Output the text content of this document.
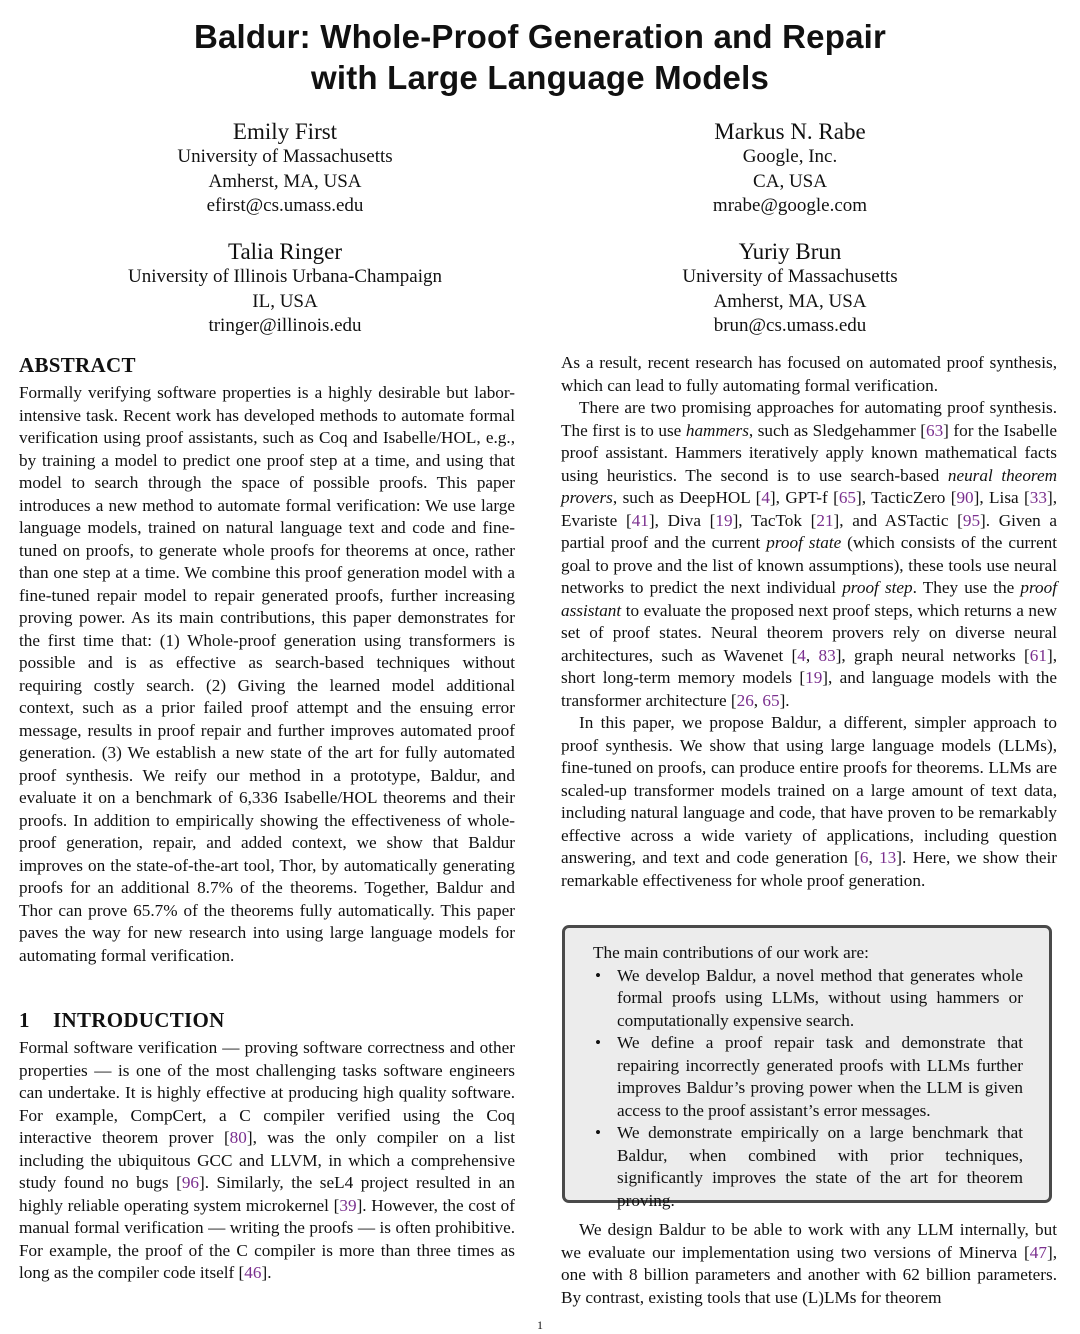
Baldur: Whole-Proof Generation and Repair
with Large Language Models
Emily First
University of Massachusetts
Amherst, MA, USA
efirst@cs.umass.edu
Markus N. Rabe
Google, Inc.
CA, USA
mrabe@google.com
Talia Ringer
University of Illinois Urbana-Champaign
IL, USA
tringer@illinois.edu
Yuriy Brun
University of Massachusetts
Amherst, MA, USA
brun@cs.umass.edu
ABSTRACT

Formally verifying software properties is a highly desirable but labor-intensive task. Recent work has developed methods to automate formal verification using proof assistants, such as Coq and Isabelle/HOL, e.g., by training a model to predict one proof step at a time, and using that model to search through the space of possible proofs. This paper introduces a new method to automate formal verification: We use large language models, trained on natural language text and code and fine-tuned on proofs, to generate whole proofs for theorems at once, rather than one step at a time. We combine this proof generation model with a fine-tuned repair model to repair generated proofs, further increasing proving power. As its main contributions, this paper demonstrates for the first time that: (1) Whole-proof generation using transformers is possible and is as effective as search-based techniques without requiring costly search. (2) Giving the learned model additional context, such as a prior failed proof attempt and the ensuing error message, results in proof repair and further improves automated proof generation. (3) We establish a new state of the art for fully automated proof synthesis. We reify our method in a prototype, Baldur, and evaluate it on a benchmark of 6,336 Isabelle/HOL theorems and their proofs. In addition to empirically showing the effectiveness of whole-proof generation, repair, and added context, we show that Baldur improves on the state-of-the-art tool, Thor, by automatically generating proofs for an additional 8.7% of the theorems. Together, Baldur and Thor can prove 65.7% of the theorems fully automatically. This paper paves the way for new research into using large language models for automating formal verification.

1 INTRODUCTION

Formal software verification — proving software correctness and other properties — is one of the most challenging tasks software engineers can undertake. It is highly effective at producing high quality software. For example, CompCert, a C compiler verified using the Coq interactive theorem prover [80], was the only compiler on a list including the ubiquitous GCC and LLVM, in which a comprehensive study found no bugs [96]. Similarly, the seL4 project resulted in an highly reliable operating system microkernel [39]. However, the cost of manual formal verification — writing the proofs — is often prohibitive. For example, the proof of the C compiler is more than three times as long as the compiler code itself [46].

As a result, recent research has focused on automated proof synthesis, which can lead to fully automating formal verification.

There are two promising approaches for automating proof synthesis. The first is to use hammers, such as Sledgehammer [63] for the Isabelle proof assistant. Hammers iteratively apply known mathematical facts using heuristics. The second is to use search-based neural theorem provers, such as DeepHOL [4], GPT-f [65], TacticZero [90], Lisa [33], Evariste [41], Diva [19], TacTok [21], and ASTactic [95]. Given a partial proof and the current proof state (which consists of the current goal to prove and the list of known assumptions), these tools use neural networks to predict the next individual proof step. They use the proof assistant to evaluate the proposed next proof steps, which returns a new set of proof states. Neural theorem provers rely on diverse neural architectures, such as Wavenet [4, 83], graph neural networks [61], short long-term memory models [19], and language models with the transformer architecture [26, 65].

In this paper, we propose Baldur, a different, simpler approach to proof synthesis. We show that using large language models (LLMs), fine-tuned on proofs, can produce entire proofs for theorems. LLMs are scaled-up transformer models trained on a large amount of text data, including natural language and code, that have proven to be remarkably effective across a wide variety of applications, including question answering, and text and code generation [6, 13]. Here, we show their remarkable effectiveness for whole proof generation.

The main contributions of our work are:

• We develop Baldur, a novel method that generates whole formal proofs using LLMs, without using hammers or computationally expensive search.
• We define a proof repair task and demonstrate that repairing incorrectly generated proofs with LLMs further improves Baldur’s proving power when the LLM is given access to the proof assistant’s error messages.
• We demonstrate empirically on a large benchmark that Baldur, when combined with prior techniques, significantly improves the state of the art for theorem proving.

We design Baldur to be able to work with any LLM internally, but we evaluate our implementation using two versions of Minerva [47], one with 8 billion parameters and another with 62 billion parameters. By contrast, existing tools that use (L)LMs for theorem

1
